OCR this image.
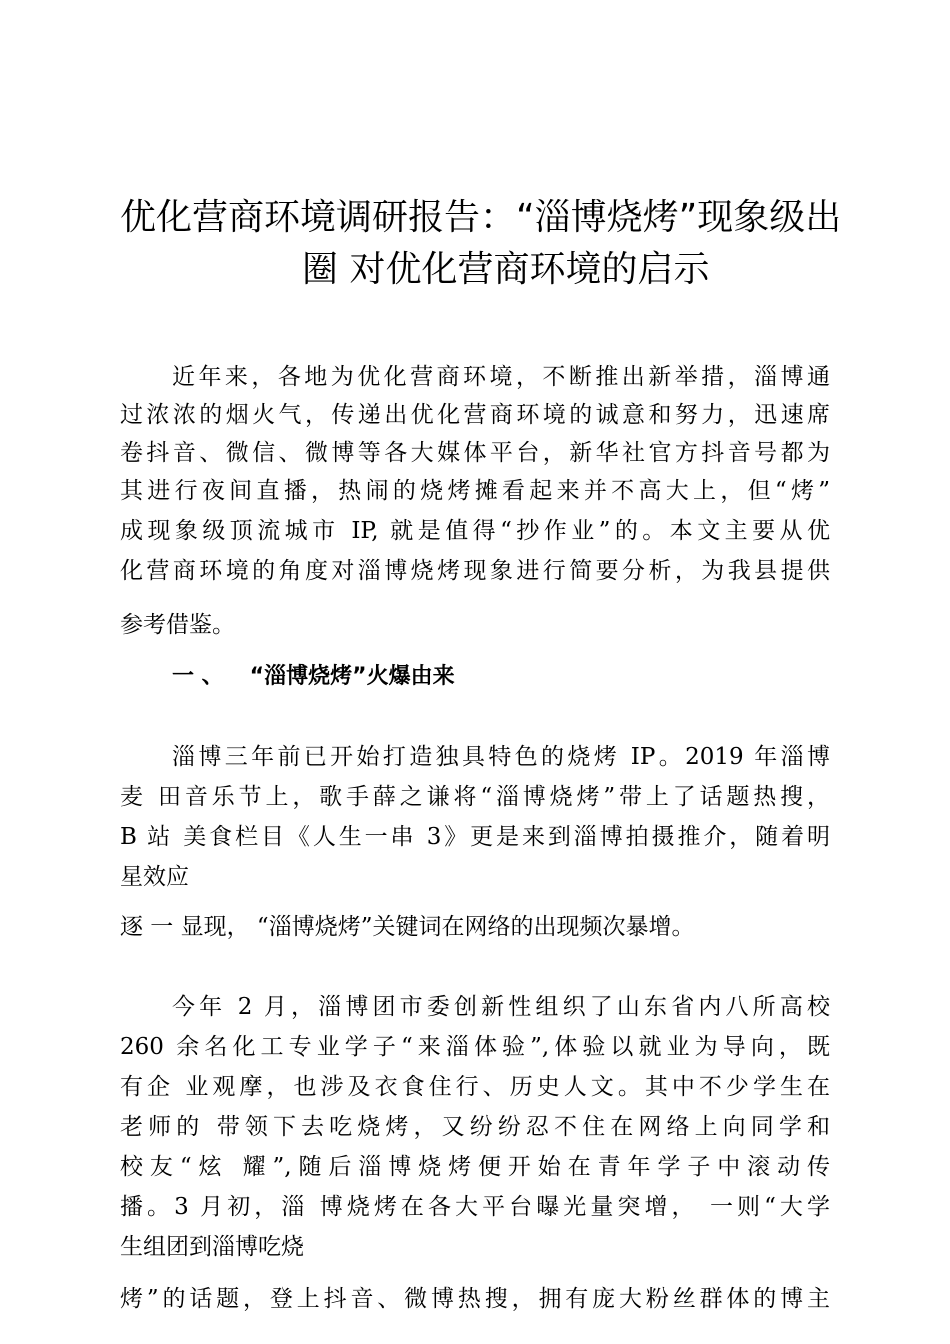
优化营商环境调研报告：“淄博烧烤”现象级出
圈 对优化营商环境的启示
近年来，各地为优化营商环境，不断推出新举措，淄博通
过浓浓的烟火气，传递出优化营商环境的诚意和努力，迅速席
卷抖音、微信、微博等各大媒体平台，新华社官方抖音号都为
其进行夜间直播，热闹的烧烤摊看起来并不高大上，但“烤”
成现象级顶流城市 IP, 就是值得“抄作业”的。本文主要从优
化营商环境的角度对淄博烧烤现象进行简要分析，为我县提供
参考借鉴。
一 、 “淄博烧烤”火爆由来
淄博三年前已开始打造独具特色的烧烤 IP。2019 年淄博
麦 田音乐节上，歌手薛之谦将“淄博烧烤”带上了话题热搜，
B 站 美食栏目《人生一串 3》更是来到淄博拍摄推介，随着明
星效应
逐 一 显现， “淄博烧烤”关键词在网络的出现频次暴增。
今年 2 月，淄博团市委创新性组织了山东省内八所高校
260 余名化工专业学子“来淄体验”,体验以就业为导向，既
有企 业观摩，也涉及衣食住行、历史人文。其中不少学生在
老师的 带领下去吃烧烤，又纷纷忍不住在网络上向同学和
校友“炫 耀”,随后淄博烧烤便开始在青年学子中滚动传
播。3 月初，淄 博烧烤在各大平台曝光量突增， 一则“大学
生组团到淄博吃烧
烤”的话题，登上抖音、微博热搜，拥有庞大粉丝群体的博主
